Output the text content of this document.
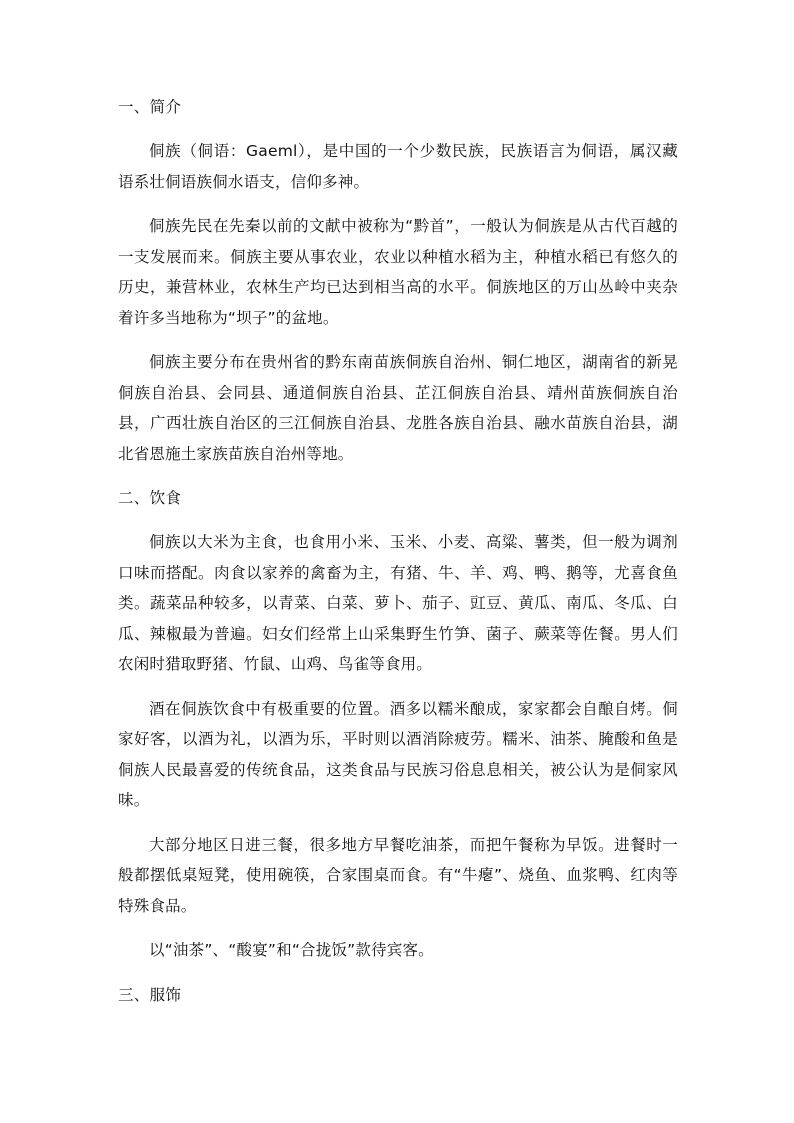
一、简介

侗族（侗语：Gaeml），是中国的一个少数民族，民族语言为侗语，属汉藏语系壮侗语族侗水语支，信仰多神。

侗族先民在先秦以前的文献中被称为“黔首”，一般认为侗族是从古代百越的一支发展而来。侗族主要从事农业，农业以种植水稻为主，种植水稻已有悠久的历史，兼营林业，农林生产均已达到相当高的水平。侗族地区的万山丛岭中夹杂着许多当地称为“坝子”的盆地。

侗族主要分布在贵州省的黔东南苗族侗族自治州、铜仁地区，湖南省的新晃侗族自治县、会同县、通道侗族自治县、芷江侗族自治县、靖州苗族侗族自治县，广西壮族自治区的三江侗族自治县、龙胜各族自治县、融水苗族自治县，湖北省恩施土家族苗族自治州等地。

二、饮食

侗族以大米为主食，也食用小米、玉米、小麦、高粱、薯类，但一般为调剂口味而搭配。肉食以家养的禽畜为主，有猪、牛、羊、鸡、鸭、鹅等，尤喜食鱼类。蔬菜品种较多，以青菜、白菜、萝卜、茄子、豇豆、黄瓜、南瓜、冬瓜、白瓜、辣椒最为普遍。妇女们经常上山采集野生竹笋、菌子、蕨菜等佐餐。男人们农闲时猎取野猪、竹鼠、山鸡、鸟雀等食用。

酒在侗族饮食中有极重要的位置。酒多以糯米酿成，家家都会自酿自烤。侗家好客，以酒为礼，以酒为乐，平时则以酒消除疲劳。糯米、油茶、腌酸和鱼是侗族人民最喜爱的传统食品，这类食品与民族习俗息息相关，被公认为是侗家风味。

大部分地区日进三餐，很多地方早餐吃油茶，而把午餐称为早饭。进餐时一般都摆低桌短凳，使用碗筷，合家围桌而食。有“牛瘪”、烧鱼、血浆鸭、红肉等特殊食品。

以“油茶”、“酸宴”和“合拢饭”款待宾客。

三、服饰
